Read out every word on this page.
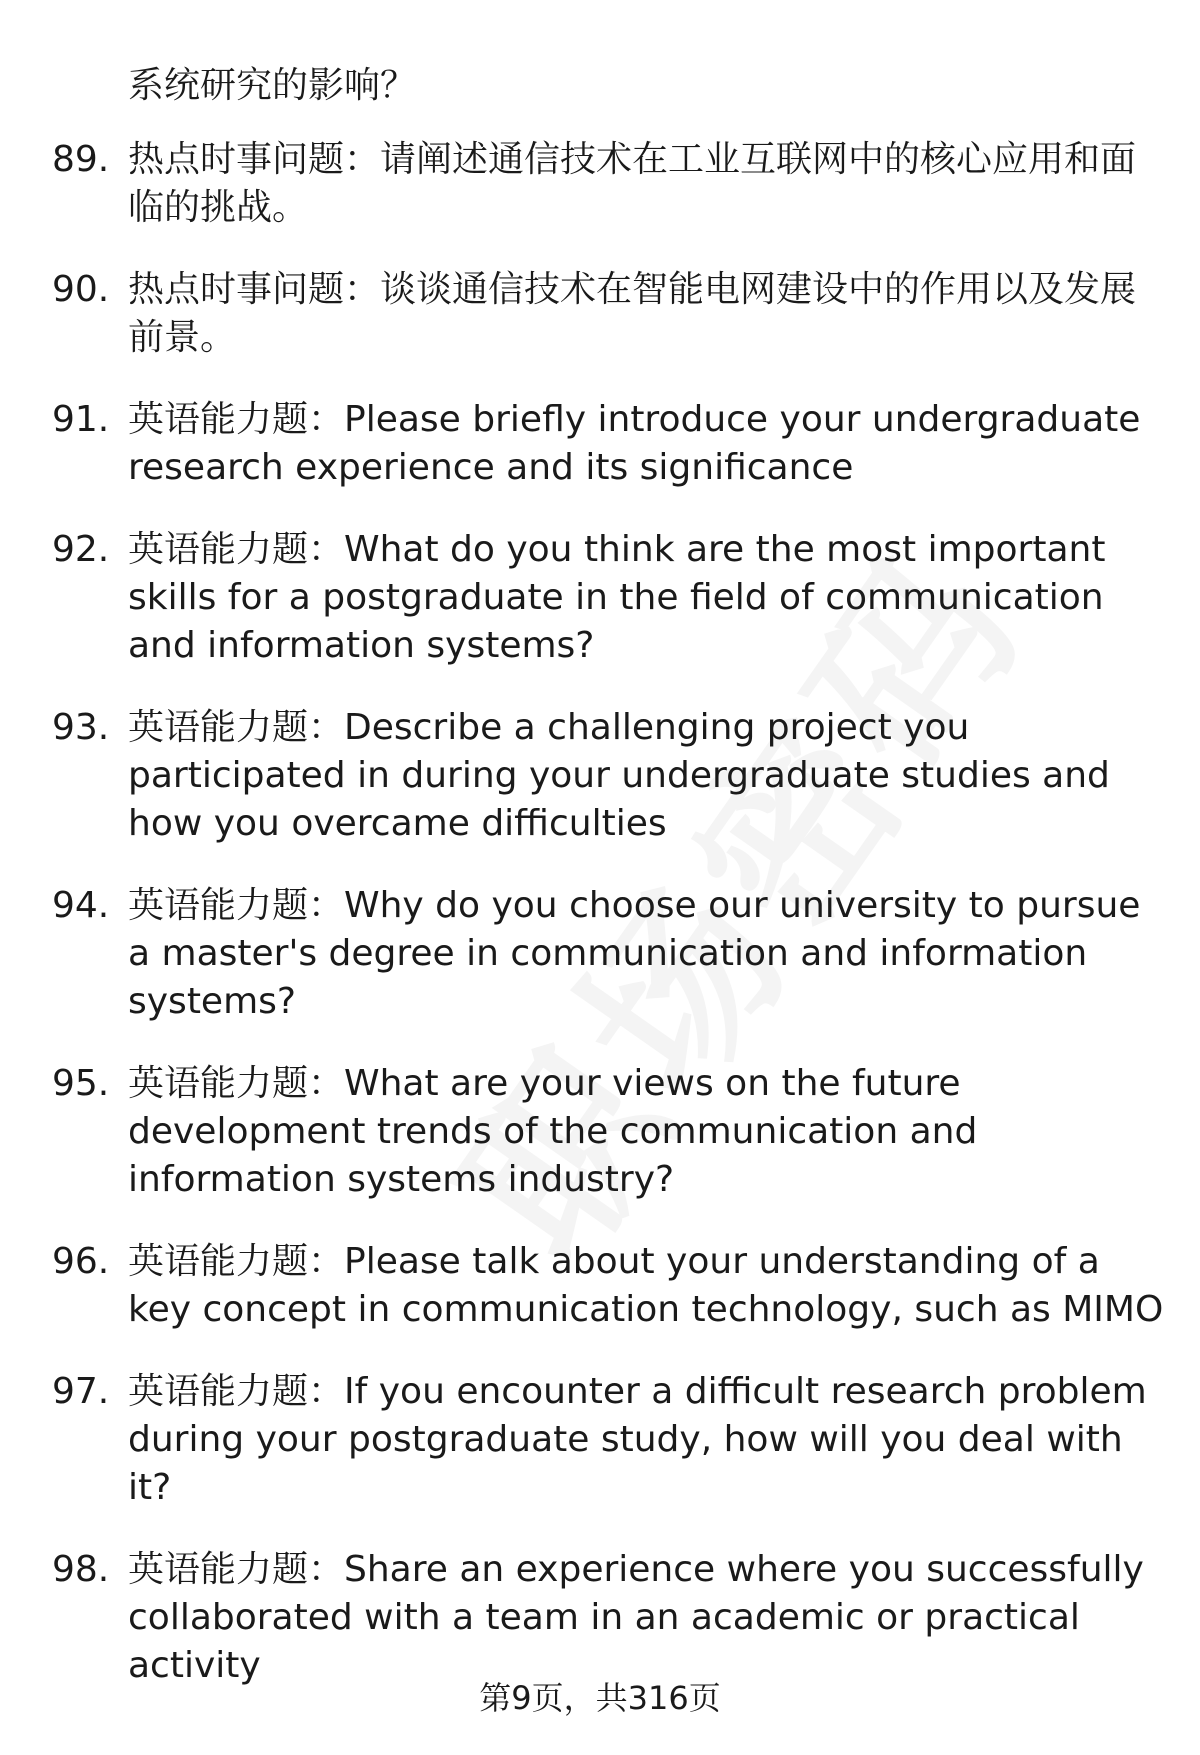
系统研究的影响？
89. 热点时事问题：请阐述通信技术在工业互联网中的核心应用和面临的挑战。
90. 热点时事问题：谈谈通信技术在智能电网建设中的作用以及发展前景。
91. 英语能力题：Please briefly introduce your undergraduate research experience and its significance
92. 英语能力题：What do you think are the most important skills for a postgraduate in the field of communication and information systems?
93. 英语能力题：Describe a challenging project you participated in during your undergraduate studies and how you overcame difficulties
94. 英语能力题：Why do you choose our university to pursue a master's degree in communication and information systems?
95. 英语能力题：What are your views on the future development trends of the communication and information systems industry?
96. 英语能力题：Please talk about your understanding of a key concept in communication technology, such as MIMO
97. 英语能力题：If you encounter a difficult research problem during your postgraduate study, how will you deal with it?
98. 英语能力题：Share an experience where you successfully collaborated with a team in an academic or practical activity
第9页，共316页
